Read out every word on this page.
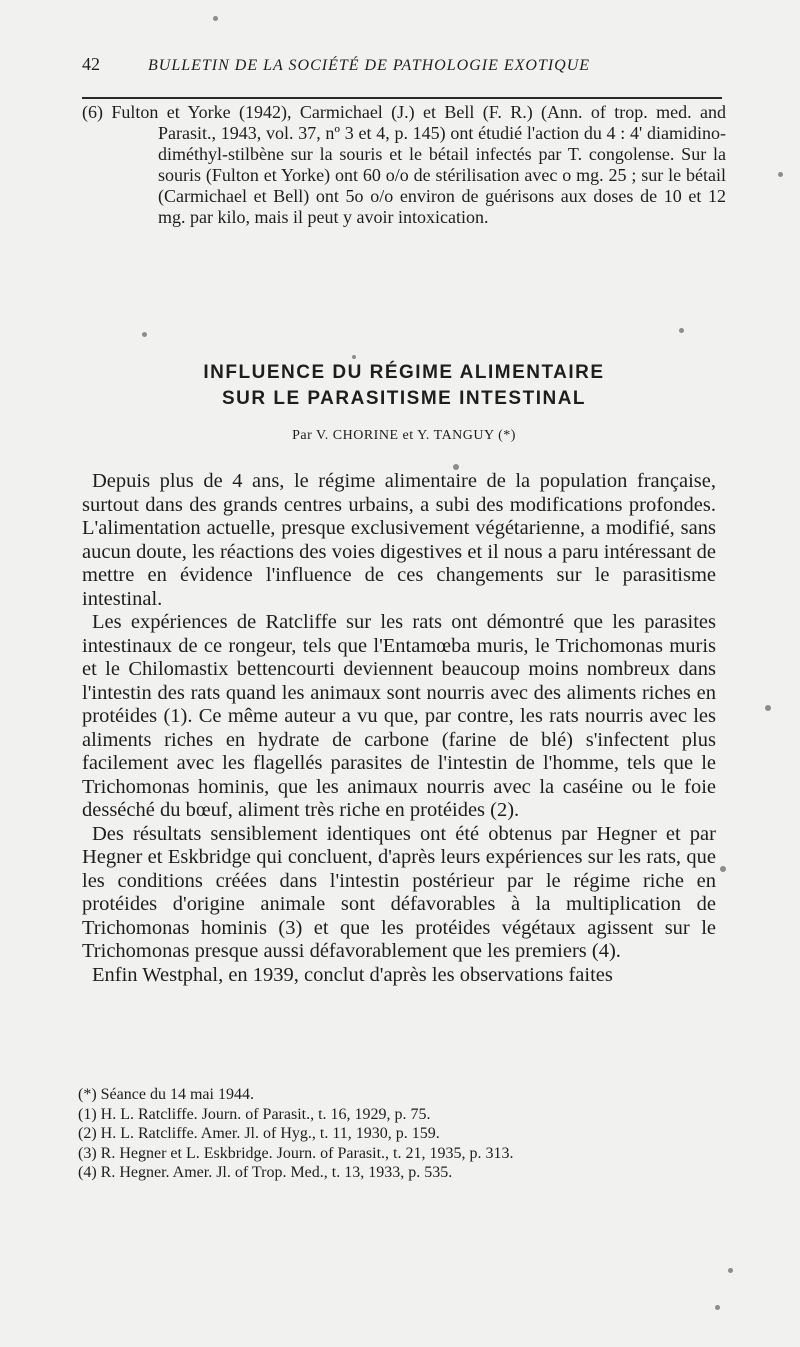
42	BULLETIN DE LA SOCIÉTÉ DE PATHOLOGIE EXOTIQUE
(6) Fulton et Yorke (1942), Carmichael (J.) et Bell (F. R.) (Ann. of trop. med. and Parasit., 1943, vol. 37, nº 3 et 4, p. 145) ont étudié l'action du 4 : 4' diamidino-diméthyl-stilbène sur la souris et le bétail infectés par T. congolense. Sur la souris (Fulton et Yorke) ont 60 o/o de stérilisation avec o mg. 25 ; sur le bétail (Carmichael et Bell) ont 5o o/o environ de guérisons aux doses de 10 et 12 mg. par kilo, mais il peut y avoir intoxication.
INFLUENCE DU RÉGIME ALIMENTAIRE
SUR LE PARASITISME INTESTINAL
Par V. CHORINE et Y. TANGUY (*)

Depuis plus de 4 ans, le régime alimentaire de la population française, surtout dans des grands centres urbains, a subi des modifications profondes. L'alimentation actuelle, presque exclusivement végétarienne, a modifié, sans aucun doute, les réactions des voies digestives et il nous a paru intéressant de mettre en évidence l'influence de ces changements sur le parasitisme intestinal.

Les expériences de Ratcliffe sur les rats ont démontré que les parasites intestinaux de ce rongeur, tels que l'Entamœba muris, le Trichomonas muris et le Chilomastix bettencourti deviennent beaucoup moins nombreux dans l'intestin des rats quand les animaux sont nourris avec des aliments riches en protéides (1). Ce même auteur a vu que, par contre, les rats nourris avec les aliments riches en hydrate de carbone (farine de blé) s'infectent plus facilement avec les flagellés parasites de l'intestin de l'homme, tels que le Trichomonas hominis, que les animaux nourris avec la caséine ou le foie desséché du bœuf, aliment très riche en protéides (2).

Des résultats sensiblement identiques ont été obtenus par Hegner et par Hegner et Eskbridge qui concluent, d'après leurs expériences sur les rats, que les conditions créées dans l'intestin postérieur par le régime riche en protéides d'origine animale sont défavorables à la multiplication de Trichomonas hominis (3) et que les protéides végétaux agissent sur le Trichomonas presque aussi défavorablement que les premiers (4).

Enfin Westphal, en 1939, conclut d'après les observations faites

(*) Séance du 14 mai 1944.
(1) H. L. Ratcliffe. Journ. of Parasit., t. 16, 1929, p. 75.
(2) H. L. Ratcliffe. Amer. Jl. of Hyg., t. 11, 1930, p. 159.
(3) R. Hegner et L. Eskbridge. Journ. of Parasit., t. 21, 1935, p. 313.
(4) R. Hegner. Amer. Jl. of Trop. Med., t. 13, 1933, p. 535.
